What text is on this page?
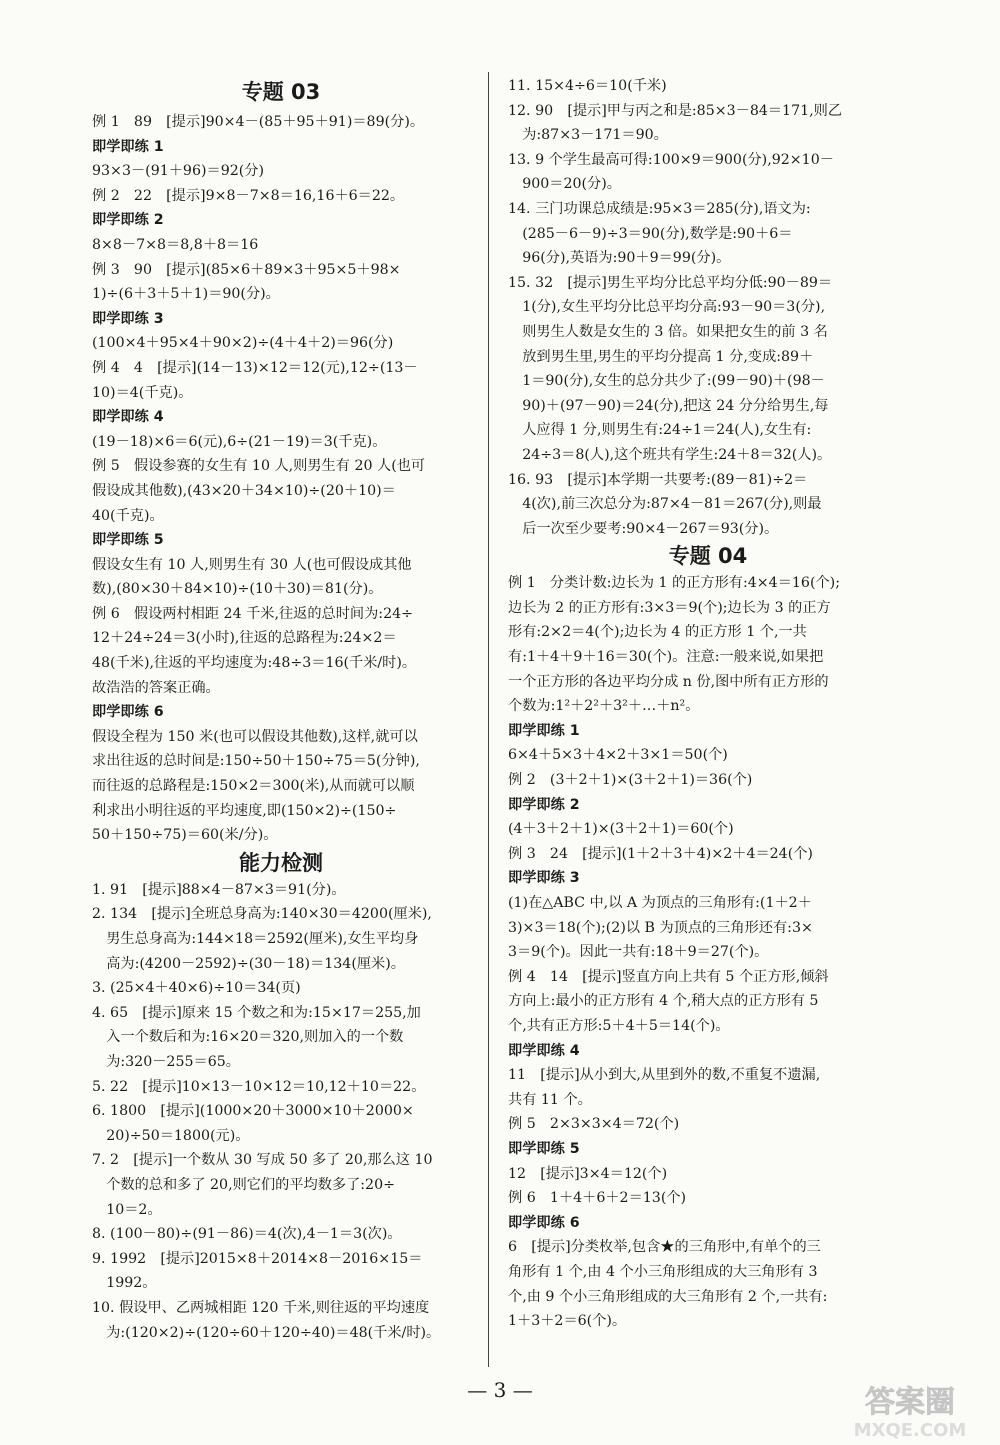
专题 03
例 1　89　[提示]90×4－(85＋95＋91)＝89(分)。
即学即练 1
93×3－(91＋96)＝92(分)
例 2　22　[提示]9×8－7×8＝16,16＋6＝22。
即学即练 2
8×8－7×8＝8,8＋8＝16
例 3　90　[提示](85×6＋89×3＋95×5＋98×
1)÷(6＋3＋5＋1)＝90(分)。
即学即练 3
(100×4＋95×4＋90×2)÷(4＋4＋2)＝96(分)
例 4　4　[提示](14－13)×12＝12(元),12÷(13－
10)＝4(千克)。
即学即练 4
(19－18)×6＝6(元),6÷(21－19)＝3(千克)。
例 5　假设参赛的女生有 10 人,则男生有 20 人(也可
假设成其他数),(43×20＋34×10)÷(20＋10)＝
40(千克)。
即学即练 5
假设女生有 10 人,则男生有 30 人(也可假设成其他
数),(80×30＋84×10)÷(10＋30)＝81(分)。
例 6　假设两村相距 24 千米,往返的总时间为:24÷
12＋24÷24＝3(小时),往返的总路程为:24×2＝
48(千米),往返的平均速度为:48÷3＝16(千米/时)。
故浩浩的答案正确。
即学即练 6
假设全程为 150 米(也可以假设其他数),这样,就可以
求出往返的总时间是:150÷50＋150÷75＝5(分钟),
而往返的总路程是:150×2＝300(米),从而就可以顺
利求出小明往返的平均速度,即(150×2)÷(150÷
50＋150÷75)＝60(米/分)。
能力检测
1. 91　[提示]88×4－87×3＝91(分)。
2. 134　[提示]全班总身高为:140×30＝4200(厘米),
　男生总身高为:144×18＝2592(厘米),女生平均身
　高为:(4200－2592)÷(30－18)＝134(厘米)。
3. (25×4＋40×6)÷10＝34(页)
4. 65　[提示]原来 15 个数之和为:15×17＝255,加
　入一个数后和为:16×20＝320,则加入的一个数
　为:320－255＝65。
5. 22　[提示]10×13－10×12＝10,12＋10＝22。
6. 1800　[提示](1000×20＋3000×10＋2000×
　20)÷50＝1800(元)。
7. 2　[提示]一个数从 30 写成 50 多了 20,那么这 10
　个数的总和多了 20,则它们的平均数多了:20÷
　10＝2。
8. (100－80)÷(91－86)＝4(次),4－1＝3(次)。
9. 1992　[提示]2015×8＋2014×8－2016×15＝
　1992。
10. 假设甲、乙两城相距 120 千米,则往返的平均速度
　为:(120×2)÷(120÷60＋120÷40)＝48(千米/时)。
11. 15×4÷6＝10(千米)
12. 90　[提示]甲与丙之和是:85×3－84＝171,则乙
　为:87×3－171＝90。
13. 9 个学生最高可得:100×9＝900(分),92×10－
　900＝20(分)。
14. 三门功课总成绩是:95×3＝285(分),语文为:
　(285－6－9)÷3＝90(分),数学是:90＋6＝
　96(分),英语为:90＋9＝99(分)。
15. 32　[提示]男生平均分比总平均分低:90－89＝
　1(分),女生平均分比总平均分高:93－90＝3(分),
　则男生人数是女生的 3 倍。如果把女生的前 3 名
　放到男生里,男生的平均分提高 1 分,变成:89＋
　1＝90(分),女生的总分共少了:(99－90)＋(98－
　90)＋(97－90)＝24(分),把这 24 分分给男生,每
　人应得 1 分,则男生有:24÷1＝24(人),女生有:
　24÷3＝8(人),这个班共有学生:24＋8＝32(人)。
16. 93　[提示]本学期一共要考:(89－81)÷2＝
　4(次),前三次总分为:87×4－81＝267(分),则最
　后一次至少要考:90×4－267＝93(分)。
专题 04
例 1　分类计数:边长为 1 的正方形有:4×4＝16(个);
边长为 2 的正方形有:3×3＝9(个);边长为 3 的正方
形有:2×2＝4(个);边长为 4 的正方形 1 个,一共
有:1＋4＋9＋16＝30(个)。注意:一般来说,如果把
一个正方形的各边平均分成 n 份,图中所有正方形的
个数为:1²＋2²＋3²＋…＋n²。
即学即练 1
6×4＋5×3＋4×2＋3×1＝50(个)
例 2　(3＋2＋1)×(3＋2＋1)＝36(个)
即学即练 2
(4＋3＋2＋1)×(3＋2＋1)＝60(个)
例 3　24　[提示](1＋2＋3＋4)×2＋4＝24(个)
即学即练 3
(1)在△ABC 中,以 A 为顶点的三角形有:(1＋2＋
3)×3＝18(个);(2)以 B 为顶点的三角形还有:3×
3＝9(个)。因此一共有:18＋9＝27(个)。
例 4　14　[提示]竖直方向上共有 5 个正方形,倾斜
方向上:最小的正方形有 4 个,稍大点的正方形有 5
个,共有正方形:5＋4＋5＝14(个)。
即学即练 4
11　[提示]从小到大,从里到外的数,不重复不遗漏,
共有 11 个。
例 5　2×3×3×4＝72(个)
即学即练 5
12　[提示]3×4＝12(个)
例 6　1＋4＋6＋2＝13(个)
即学即练 6
6　[提示]分类枚举,包含★的三角形中,有单个的三
角形有 1 个,由 4 个小三角形组成的大三角形有 3
个,由 9 个小三角形组成的大三角形有 2 个,一共有:
1＋3＋2＝6(个)。
— 3 —	答案圈
MXQE.COM
